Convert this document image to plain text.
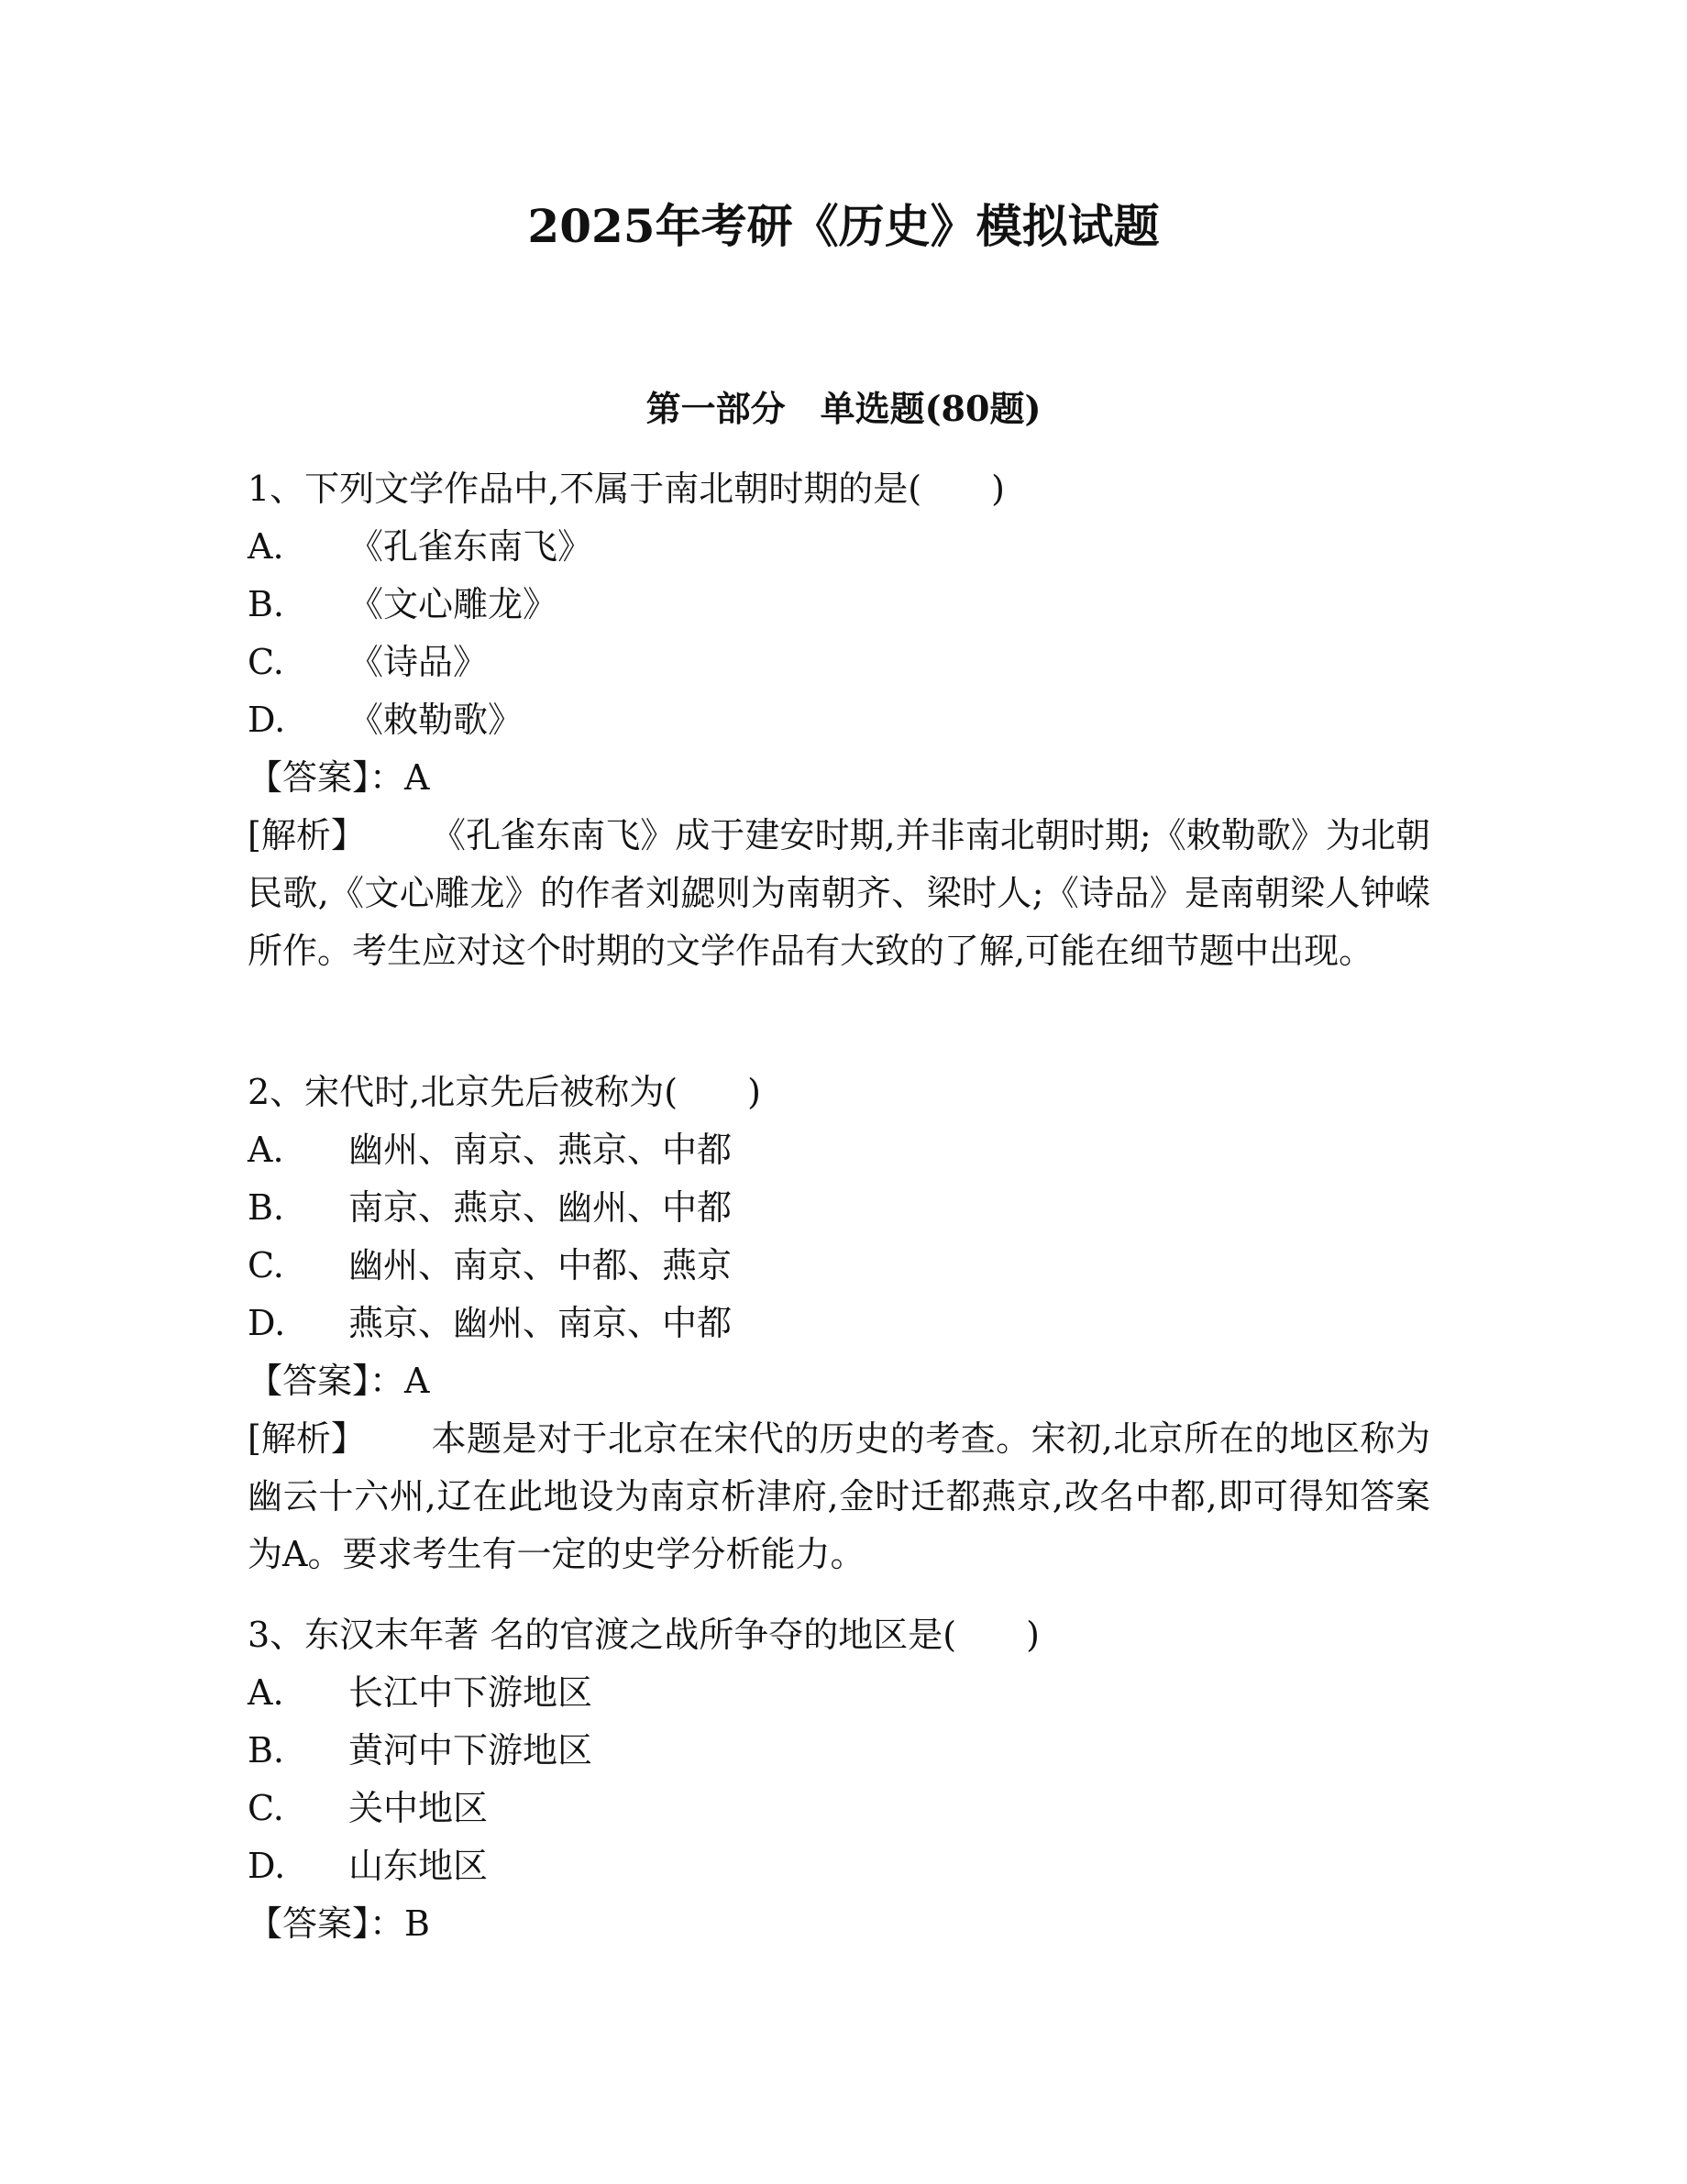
2025年考研《历史》模拟试题
第一部分　单选题(80题)
1、下列文学作品中,不属于南北朝时期的是(　　)
A. 《孔雀东南飞》
B. 《文心雕龙》
C. 《诗品》
D. 《敕勒歌》
【答案】：A
[解析】 《孔雀东南飞》成于建安时期,并非南北朝时期;《敕勒歌》为北朝民歌,《文心雕龙》的作者刘勰则为南朝齐、梁时人;《诗品》是南朝梁人钟嵘所作。考生应对这个时期的文学作品有大致的了解,可能在细节题中出现。
2、宋代时,北京先后被称为(　　)
A. 幽州、南京、燕京、中都
B. 南京、燕京、幽州、中都
C. 幽州、南京、中都、燕京
D. 燕京、幽州、南京、中都
【答案】：A
[解析】 本题是对于北京在宋代的历史的考查。宋初,北京所在的地区称为幽云十六州,辽在此地设为南京析津府,金时迁都燕京,改名中都,即可得知答案为A。要求考生有一定的史学分析能力。
3、东汉末年著 名的官渡之战所争夺的地区是(　　)
A. 长江中下游地区
B. 黄河中下游地区
C. 关中地区
D. 山东地区
【答案】：B
